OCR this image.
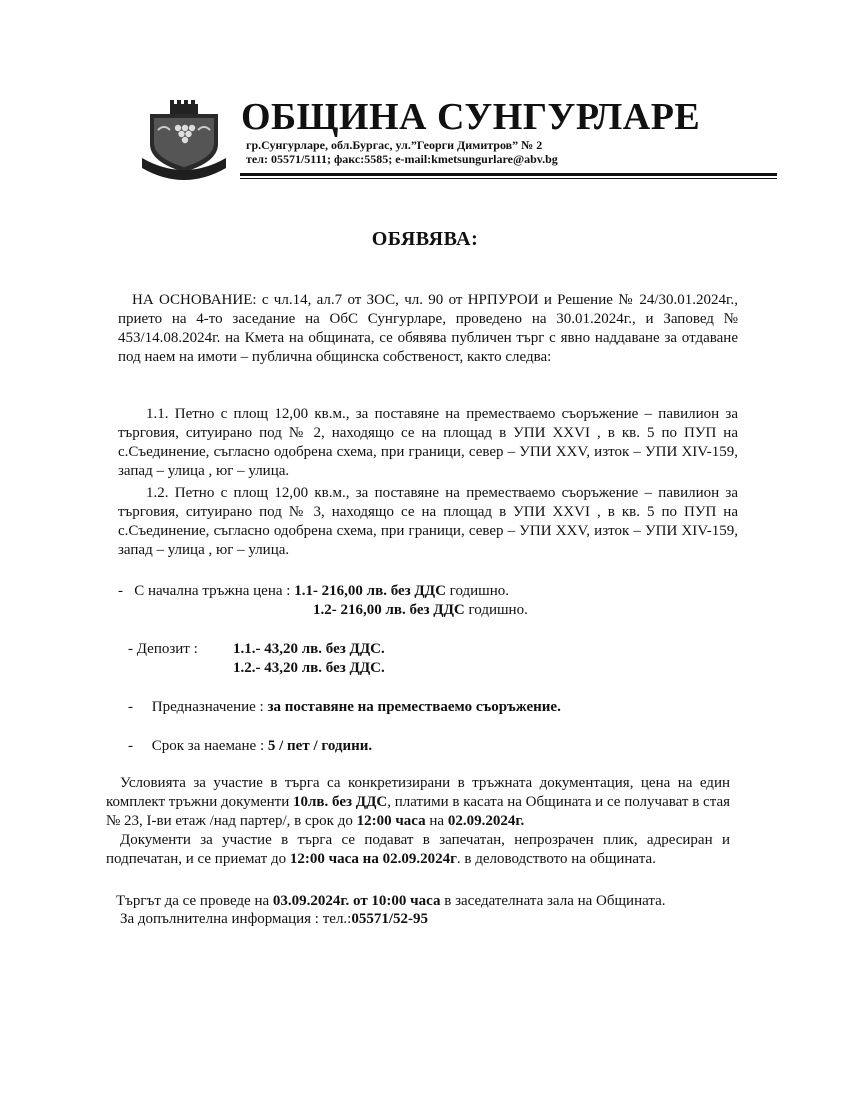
ОБЩИНА СУНГУРЛАРЕ
гр.Сунгурларе, обл.Бургас, ул.”Георги Димитров” № 2
тел: 05571/5111; факс:5585; e-mail:kmetsungurlare@abv.bg
ОБЯВЯВА:
НА ОСНОВАНИЕ: с чл.14, ал.7 от ЗОС, чл. 90 от НРПУРОИ и Решение № 24/30.01.2024г., прието на 4-то заседание на ОбС Сунгурларе, проведено на 30.01.2024г., и Заповед № 453/14.08.2024г. на Кмета на общината, се обявява публичен търг с явно наддаване за отдаване под наем на имоти – публична общинска собственост, както следва:
1.1. Петно с площ 12,00 кв.м., за поставяне на преместваемо съоръжение – павилион за търговия, ситуирано под № 2, находящо се на площад в УПИ XXVI , в кв. 5 по ПУП на с.Съединение, съгласно одобрена схема, при граници, север – УПИ XXV, изток – УПИ XIV-159, запад – улица , юг – улица.
1.2. Петно с площ 12,00 кв.м., за поставяне на преместваемо съоръжение – павилион за търговия, ситуирано под № 3, находящо се на площад в УПИ XXVI , в кв. 5 по ПУП на с.Съединение, съгласно одобрена схема, при граници, север – УПИ XXV, изток – УПИ XIV-159, запад – улица , юг – улица.
- С начална тръжна цена : 1.1- 216,00 лв. без ДДС годишно.
1.2- 216,00 лв. без ДДС годишно.
- Депозит : 1.1.- 43,20 лв. без ДДС.
1.2.- 43,20 лв. без ДДС.
- Предназначение : за поставяне на преместваемо съоръжение.
- Срок за наемане : 5 / пет / години.

Условията за участие в търга са конкретизирани в тръжната документация, цена на един комплект тръжни документи 10лв. без ДДС, платими в касата на Общината и се получават в стая № 23, I-ви етаж /над партер/, в срок до 12:00 часа на 02.09.2024г.

Документи за участие в търга се подават в запечатан, непрозрачен плик, адресиран и подпечатан, и се приемат до 12:00 часа на 02.09.2024г. в деловодството на общината.

Търгът да се проведе на 03.09.2024г. от 10:00 часа в заседателната зала на Общината.
За допълнителна информация : тел.:05571/52-95
